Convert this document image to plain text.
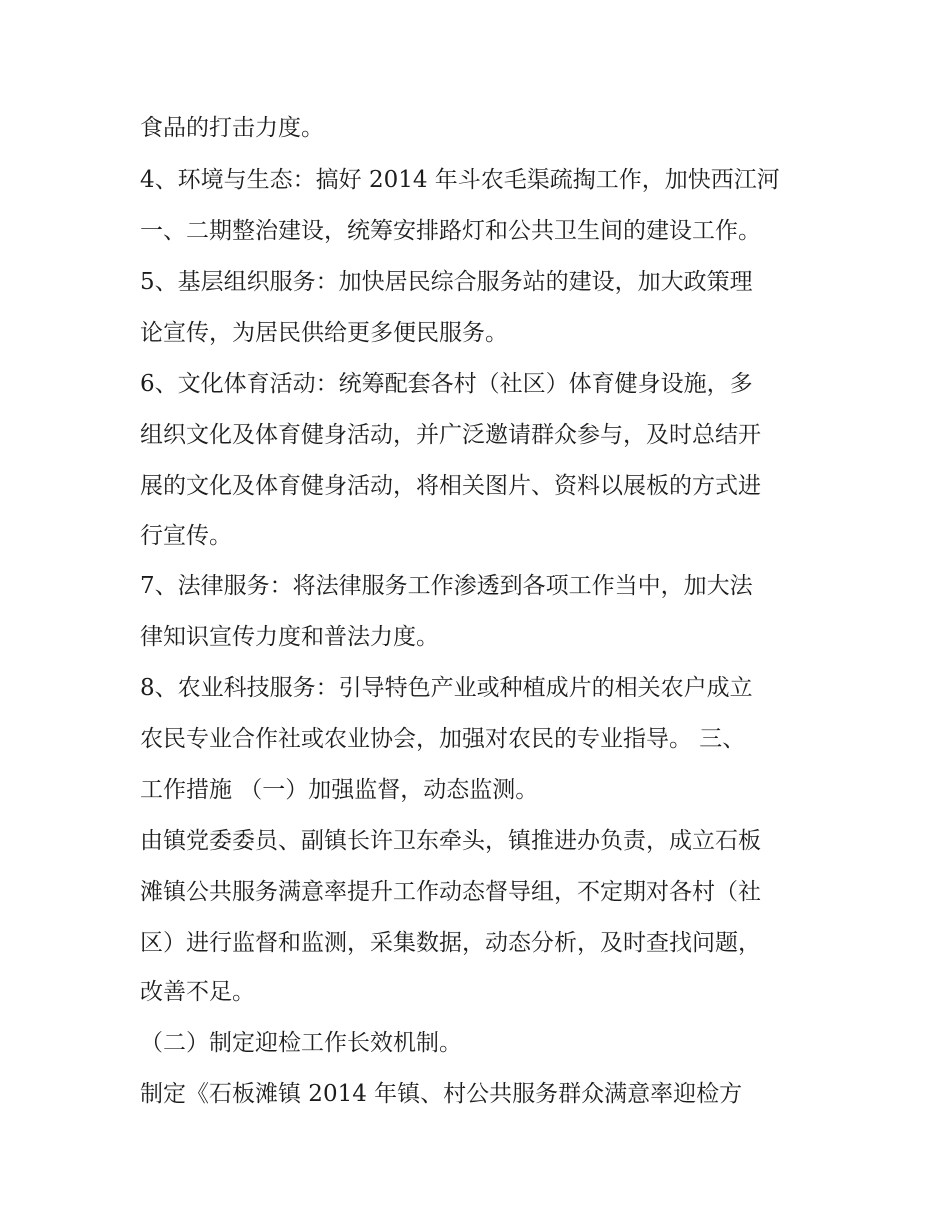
食品的打击力度。
4、环境与生态：搞好 2014 年斗农毛渠疏掏工作，加快西江河
一、二期整治建设，统筹安排路灯和公共卫生间的建设工作。
5、基层组织服务：加快居民综合服务站的建设，加大政策理
论宣传，为居民供给更多便民服务。
6、文化体育活动：统筹配套各村（社区）体育健身设施，多
组织文化及体育健身活动，并广泛邀请群众参与，及时总结开
展的文化及体育健身活动，将相关图片、资料以展板的方式进
行宣传。
7、法律服务：将法律服务工作渗透到各项工作当中，加大法
律知识宣传力度和普法力度。
8、农业科技服务：引导特色产业或种植成片的相关农户成立
农民专业合作社或农业协会，加强对农民的专业指导。 三、
工作措施 （一）加强监督，动态监测。
由镇党委委员、副镇长许卫东牵头，镇推进办负责，成立石板
滩镇公共服务满意率提升工作动态督导组，不定期对各村（社
区）进行监督和监测，采集数据，动态分析，及时查找问题，
改善不足。
（二）制定迎检工作长效机制。
制定《石板滩镇 2014 年镇、村公共服务群众满意率迎检方
